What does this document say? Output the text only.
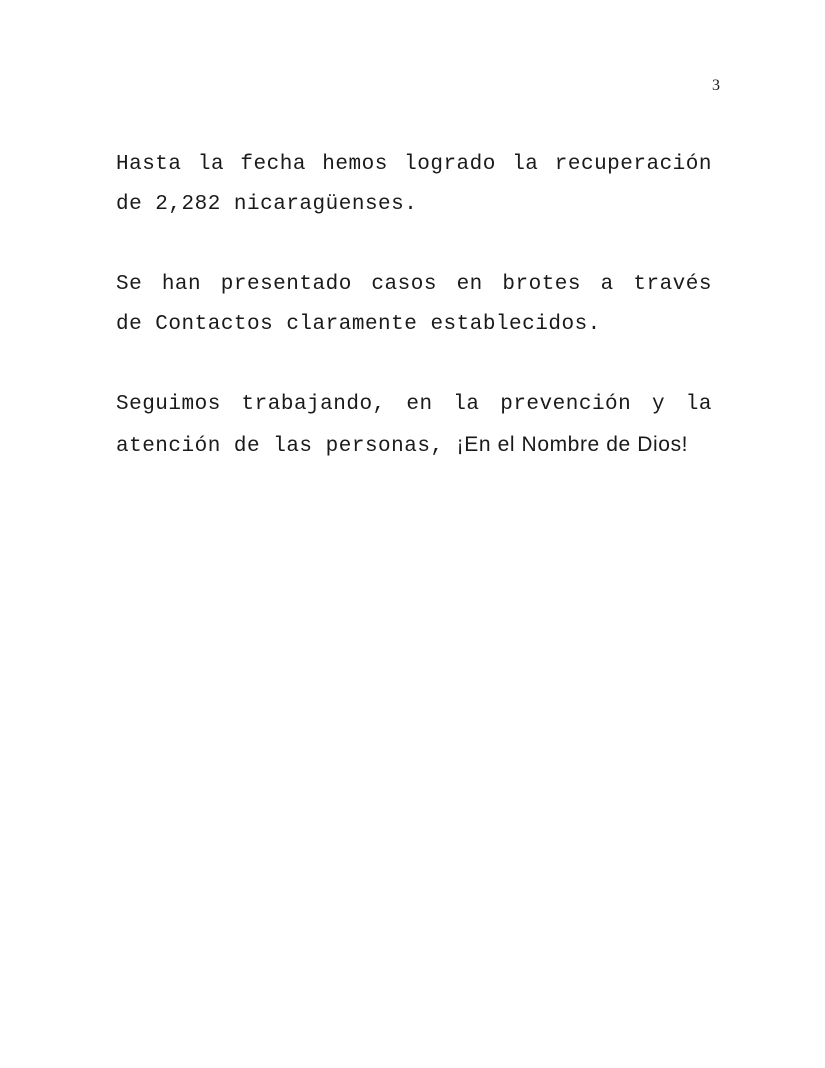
3

Hasta la fecha hemos logrado la recuperación
de 2,282 nicaragüenses.

Se han presentado casos en brotes a través
de Contactos claramente establecidos.

Seguimos trabajando, en la prevención y la
atención de las personas, ¡En el Nombre de Dios!
